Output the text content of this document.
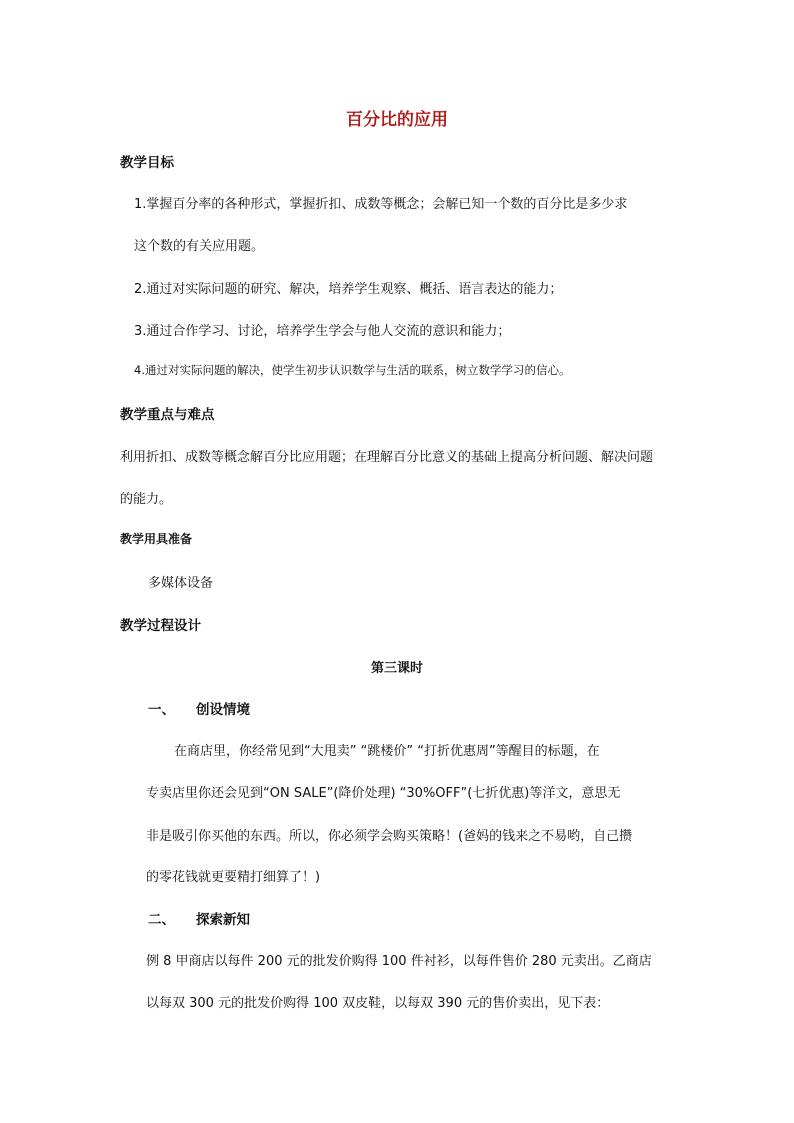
百分比的应用
教学目标
1.掌握百分率的各种形式，掌握折扣、成数等概念；会解已知一个数的百分比是多少求
这个数的有关应用题。
2.通过对实际问题的研究、解决，培养学生观察、概括、语言表达的能力；
3.通过合作学习、讨论，培养学生学会与他人交流的意识和能力；
4.通过对实际问题的解决，使学生初步认识数学与生活的联系，树立数学学习的信心。
教学重点与难点
利用折扣、成数等概念解百分比应用题；在理解百分比意义的基础上提高分析问题、解决问题
的能力。
教学用具准备
多媒体设备
教学过程设计
第三课时
一、 创设情境
在商店里，你经常见到“大甩卖” “跳楼价” “打折优惠周”等醒目的标题，在
专卖店里你还会见到“ON SALE”(降价处理) “30%OFF”(七折优惠)等洋文，意思无
非是吸引你买他的东西。所以，你必须学会购买策略！(爸妈的钱来之不易哟，自己攒
的零花钱就更要精打细算了！)
二、 探索新知
例 8 甲商店以每件 200 元的批发价购得 100 件衬衫，以每件售价 280 元卖出。乙商店
以每双 300 元的批发价购得 100 双皮鞋，以每双 390 元的售价卖出，见下表：
